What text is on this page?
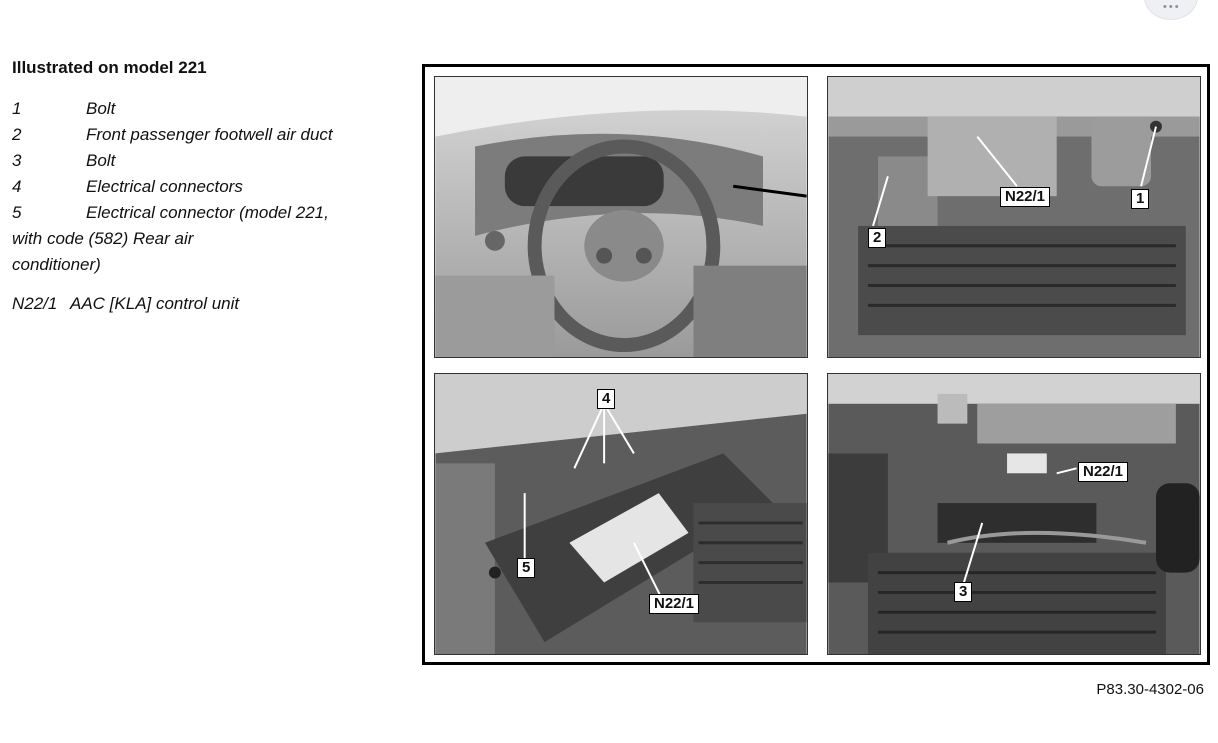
•••
Illustrated on model 221
1	Bolt
2	Front passenger footwell air duct
3	Bolt
4	Electrical connectors
5	Electrical connector (model 221,
with code (582) Rear air conditioner)
N22/1 AAC [KLA] control unit
N22/1	1
2
4
5
N22/1
N22/1
3
P83.30-4302-06
